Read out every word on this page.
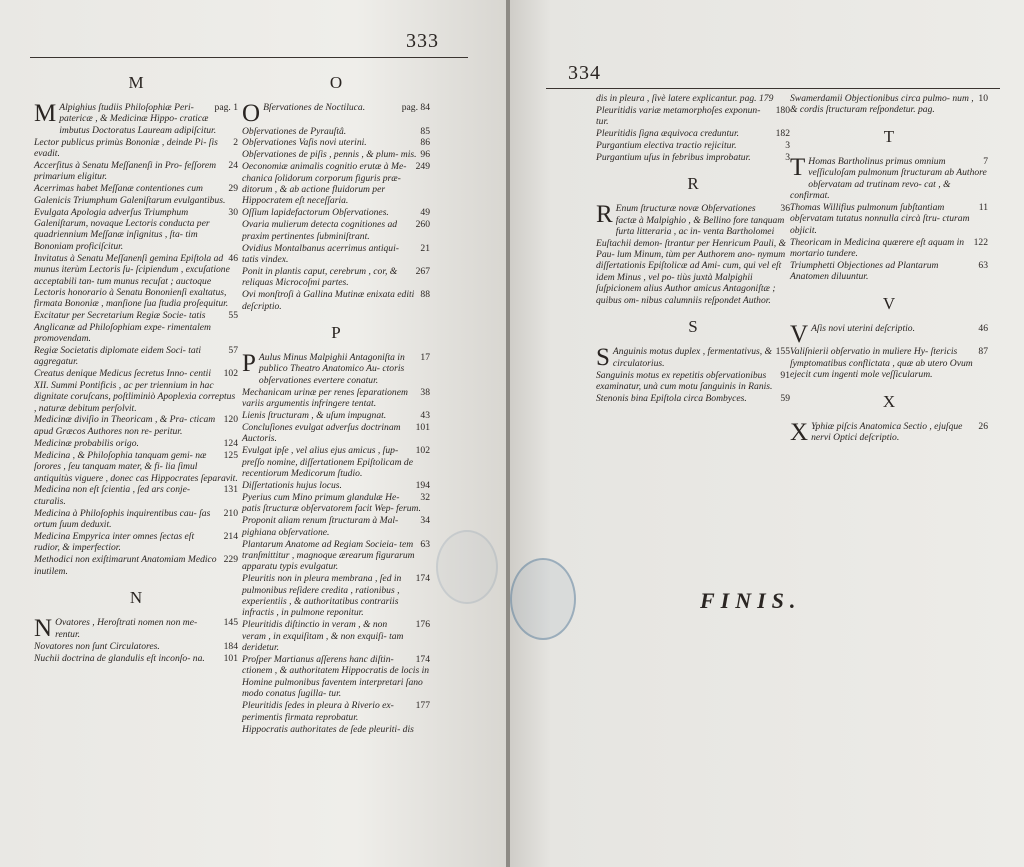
333
M

M	pag. 1
Alpighius ſtudiis Philoſophiæ Peri- patericæ , & Medicinæ Hippo- craticæ imbutus Doctoratus Lauream adipiſcitur.

2
Lector publicus primùs Bononiæ , deinde Pi- ſis evadit.

24
Accerſitus à Senatu Meſſanenſi in Pro- feſſorem primarium eligitur.

29
Acerrimas habet Meſſanæ contentiones cum Galenicis Triumphum Galeniſtarum evulgantibus.

30
Evulgata Apologia adverſus Triumphum Galeniſtarum, novaque Lectoris conducta per quadriennium Meſſanæ inſignitus , ſta- tim Bononiam proficiſcitur.

46
Invitatus à Senatu Meſſanenſi gemina Epiſtola ad munus iterùm Lectoris ſu- ſcipiendum , excuſatione acceptabili tan- tum munus recuſat ; auctoque Lectoris honorario à Senatu Bononienſi exaltatus, firmata Bononiæ , manſione ſua ſtudia proſequitur.

55
Excitatur per Secretarium Regiæ Socie- tatis Anglicanæ ad Philoſophiam expe- rimentalem promovendam.

57
Regiæ Societatis diplomate eidem Soci- tati aggregatur.

102
Creatus denique Medicus ſecretus Inno- centii XII. Summi Pontificis , ac per triennium in hac dignitate coruſcans, poſtliminiò Apoplexia correptus , naturæ debitum perſolvit.

120
Medicinæ diviſio in Theoricam , & Pra- cticam apud Græcos Authores non re- peritur.

124
Medicinæ probabilis origo.

125
Medicina , & Philoſophia tanquam gemi- næ ſorores , ſeu tanquam mater, & fi- lia ſimul antiquitùs viguere , donec cas Hippocrates ſeparavit.

131
Medicina non eſt ſcientia , ſed ars conje- cturalis.

210
Medicina à Philoſophis inquirentibus cau- ſas ortum ſuum deduxit.

214
Medicina Empyrica inter omnes ſectas eſt rudior, & imperfectior.

229
Methodici non exiſtimarunt Anatomiam Medico inutilem.

N

N	145
Ovatores , Heroſtrati nomen non me- rentur.

184
Novatores non ſunt Circulatores.

101
Nuchii doctrina de glandulis eſt inconſo- na.

O

O	pag. 84
Bſervationes de Noctiluca.

85
Obſervationes de Pyrauſtâ.

86
Obſervationes Vaſis novi uterini.

96
Obſervationes de piſis , pennis , & plum- mis.

249
Oeconomiæ animalis cognitio erutæ à Me- chanica ſolidorum corporum figuris præ- ditorum , & ab actione fluidorum per Hippocratem eſt neceſſaria.

49
Oſſium lapidefactorum Obſervationes.

260
Ovaria mulierum detecta cognitiones ad praxim pertinentes ſubminiſtrant.

21
Ovidius Montalbanus acerrimus antiqui- tatis vindex.

267
Ponit in plantis caput, cerebrum , cor, & reliquas Microcoſmi partes.

88
Ovi monſtroſi à Gallina Mutinæ enixata editi deſcriptio.

P

P	17
Aulus Minus Malpighii Antagoniſta in publico Theatro Anatomico Au- ctoris obſervationes evertere conatur.

38
Mechanicam urinæ per renes ſeparationem variis argumentis infringere tentat.

43
Lienis ſtructuram , & uſum impugnat.

101
Concluſiones evulgat adverſus doctrinam Auctoris.

102
Evulgat ipſe , vel alius ejus amicus , ſup- preſſo nomine, diſſertationem Epiſtolicam de recentiorum Medicorum ſtudio.

194
Diſſertationis hujus locus.

32
Pyerius cum Mino primum glandulæ He- patis ſtructuræ obſervatorem facit Wep- ferum.

34
Proponit aliam renum ſtructuram à Mal- pighiana obſervatione.

63
Plantarum Anatome ad Regiam Socieia- tem tranſmittitur , magnoque ærearum figurarum apparatu typis evulgatur.

174
Pleuritis non in pleura membrana , ſed in pulmonibus reſidere credita , rationibus , experientiis , & authoritatibus contrariis infractis , in pulmone reponitur.

176
Pleuritidis diſtinctio in veram , & non veram , in exquiſitam , & non exquiſi- tam deridetur.

174
Proſper Martianus aſſerens hanc diſtin- ctionem , & authoritatem Hippocratis de locis in Homine pulmonibus faventem interpretari ſano modo conatus ſugilla- tur.

177
Pleuritidis ſedes in pleura à Riverio ex- perimentis firmata reprobatur.

Hippocratis authoritates de ſede pleuriti- dis

334

dis in pleura , ſivè latere explicantur. pag. 179

180
Pleuritidis variæ metamorphoſes exponun- tur.

182
Pleuritidis ſigna æquivoca creduntur.

3
Purgantium electiva tractio rejicitur.

3
Purgantium uſus in febribus improbatur.

R

R	36
Enum ſtructuræ novæ Obſervationes factæ à Malpighio , & Bellino fore tanquam furta litteraria , ac in- venta Bartholomei Euſtachii demon- ſtrantur per Henricum Pauli, & Pau- lum Minum, tùm per Authorem ano- nymum diſſertationis Epiſtolicæ ad Ami- cum, qui vel eſt idem Minus , vel po- tiùs juxtà Malpighii ſuſpicionem alius Author amicus Antagoniſtæ ; quibus om- nibus calumniis reſpondet Author.

S

S	155
Anguinis motus duplex , fermentativus, & circulatorius.

91
Sanguinis motus ex repetitis obſervationibus examinatur, unà cum motu ſanguinis in Ranis.

59
Stenonis bina Epiſtola circa Bombyces.

10
Swamerdamii Objectionibus circa pulmo- num , & cordis ſtructuram reſpondetur. pag.

T

T	7
Homas Bartholinus primus omnium veſſiculoſam pulmonum ſtructuram ab Authore obſervatam ad trutinam revo- cat , & confirmat.

11
Thomas Willifius pulmonum ſubſtantiam obſervatam tutatus nonnulla circà ſtru- cturam objicit.

122
Theoricam in Medicina quærere eſt aquam in mortario tundere.

63
Triumphetti Objectiones ad Plantarum Anatomen diluuntur.

V

V	46
Aſis novi uterini deſcriptio.

87
Valiſnierii obſervatio in muliere Hy- ſtericis ſymptomatibus conflictata , quæ ab utero Ovum ejecit cum ingenti mole veſſicularum.

X

X	26
Yphiæ piſcis Anatomica Sectio , ejuſque nervi Optici deſcriptio.

FINIS.
